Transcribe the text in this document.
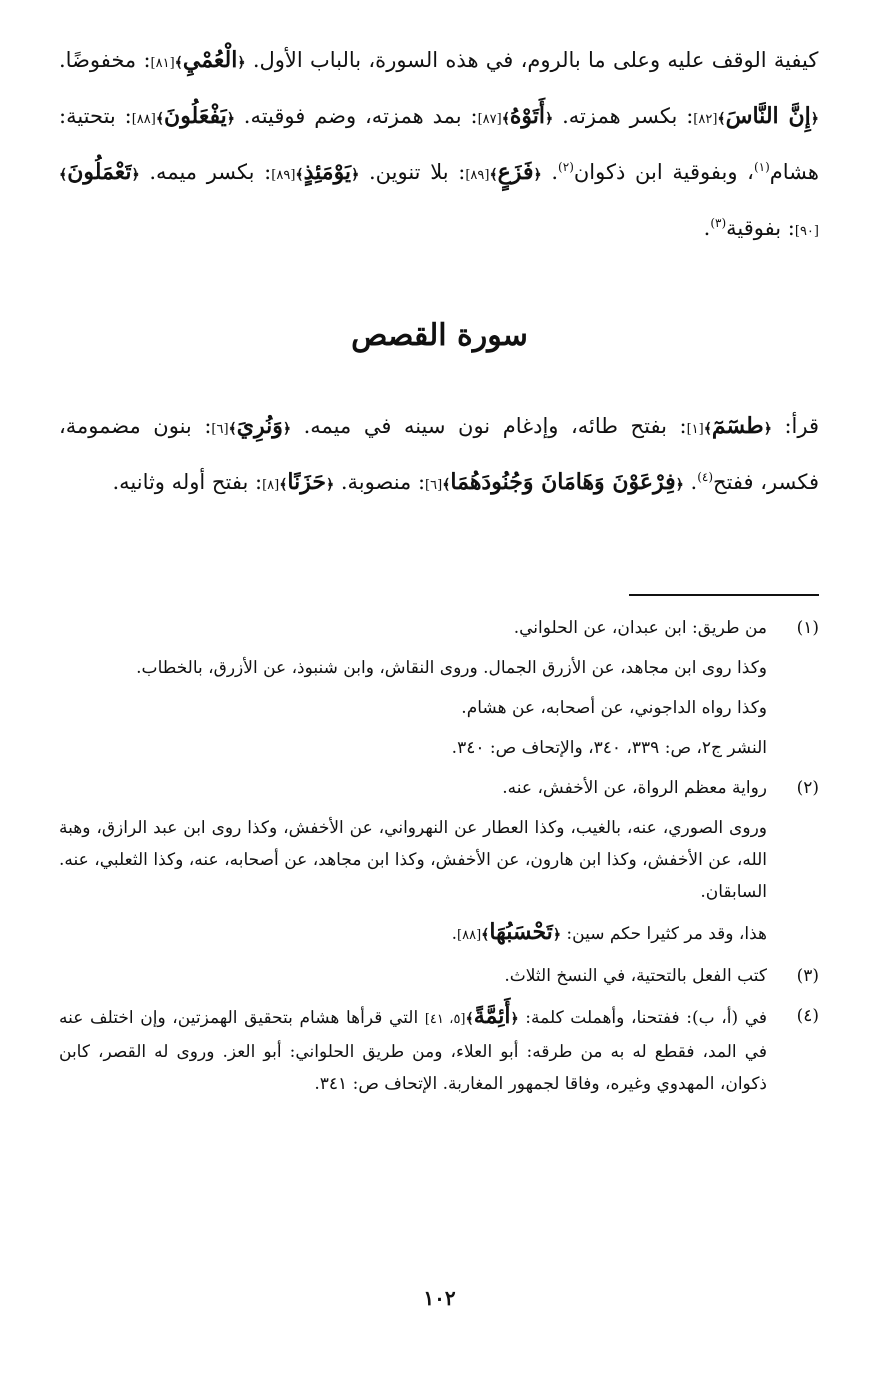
كيفية الوقف عليه وعلى ما بالروم، في هذه السورة، بالباب الأول. ﴿الْعُمْيِ﴾[٨١]: مخفوضًا. ﴿إِنَّ النَّاسَ﴾[٨٢]: بكسر همزته. ﴿أَتَوْهُ﴾[٨٧]: بمد همزته، وضم فوقيته. ﴿يَفْعَلُونَ﴾[٨٨]: بتحتية: هشام$^{(١)}$، وبفوقية ابن ذكوان$^{(٢)}$. ﴿فَزَعٍ﴾[٨٩]: بلا تنوين. ﴿يَوْمَئِذٍ﴾[٨٩]: بكسر ميمه. ﴿تَعْمَلُونَ﴾[٩٠]: بفوقية$^{(٣)}$.
سورة القصص
قرأ: ﴿طسٓمٓ﴾[١]: بفتح طائه، وإدغام نون سينه في ميمه. ﴿وَنُرِيَ﴾[٦]: بنون مضمومة، فكسر، ففتح$^{(٤)}$. ﴿فِرْعَوْنَ وَهَامَانَ وَجُنُودَهُمَا﴾[٦]: منصوبة. ﴿حَزَنًا﴾[٨]: بفتح أوله وثانيه.
(١)

من طريق: ابن عبدان، عن الحلواني.

وكذا روى ابن مجاهد، عن الأزرق الجمال. وروى النقاش، وابن شنبوذ، عن الأزرق، بالخطاب.

وكذا رواه الداجوني، عن أصحابه، عن هشام.

النشر ج٢، ص: ٣٣٩، ٣٤٠، والإتحاف ص: ٣٤٠.

(٢)

رواية معظم الرواة، عن الأخفش، عنه.

وروى الصوري، عنه، بالغيب، وكذا العطار عن النهرواني، عن الأخفش، وكذا روى ابن عبد الرازق، وهبة الله، عن الأخفش، وكذا ابن هارون، عن الأخفش، وكذا ابن مجاهد، عن أصحابه، عنه، وكذا الثعلبي، عنه. السابقان.

هذا، وقد مر كثيرا حكم سين: ﴿تَحْسَبُهَا﴾[٨٨].

(٣)

كتب الفعل بالتحتية، في النسخ الثلاث.

(٤)

في (أ، ب): ففتحنا، وأهملت كلمة: ﴿أَئِمَّةً﴾[٥، ٤١] التي قرأها هشام بتحقيق الهمزتين، وإن اختلف عنه في المد، فقطع له به من طرقه: أبو العلاء، ومن طريق الحلواني: أبو العز. وروى له القصر، كابن ذكوان، المهدوي وغيره، وفاقا لجمهور المغاربة. الإتحاف ص: ٣٤١.

١٠٢
